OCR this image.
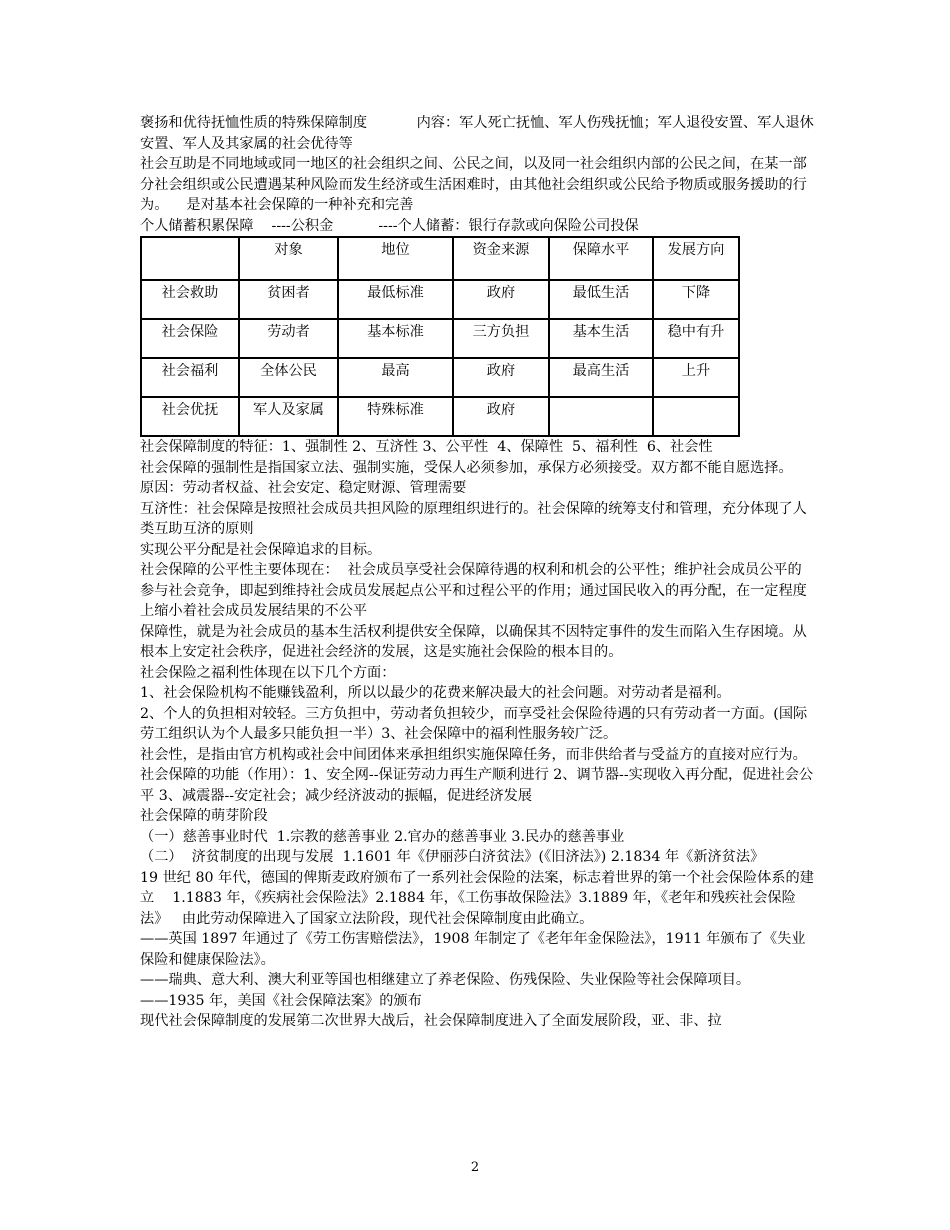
褒扬和优待抚恤性质的特殊保障制度           内容：军人死亡抚恤、军人伤残抚恤；军人退役安置、军人退休安置、军人及其家属的社会优待等

社会互助是不同地域或同一地区的社会组织之间、公民之间，以及同一社会组织内部的公民之间，在某一部分社会组织或公民遭遇某种风险而发生经济或生活困难时，由其他社会组织或公民给予物质或服务援助的行为。    是对基本社会保障的一种补充和完善

个人储蓄积累保障    ----公积金          ----个人储蓄：银行存款或向保险公司投保

	对象	地位	资金来源	保障水平	发展方向
社会救助	贫困者	最低标准	政府	最低生活	下降
社会保险	劳动者	基本标准	三方负担	基本生活	稳中有升
社会福利	全体公民	最高	政府	最高生活	上升
社会优抚	军人及家属	特殊标准	政府		

社会保障制度的特征：1、强制性 2、互济性 3、公平性  4、保障性  5、福利性  6、社会性

社会保障的强制性是指国家立法、强制实施，受保人必须参加，承保方必须接受。双方都不能自愿选择。  原因：劳动者权益、社会安定、稳定财源、管理需要

互济性：社会保障是按照社会成员共担风险的原理组织进行的。社会保障的统筹支付和管理，充分体现了人类互助互济的原则

实现公平分配是社会保障追求的目标。

社会保障的公平性主要体现在：  社会成员享受社会保障待遇的权利和机会的公平性；维护社会成员公平的参与社会竞争，即起到维持社会成员发展起点公平和过程公平的作用；通过国民收入的再分配，在一定程度上缩小着社会成员发展结果的不公平

保障性，就是为社会成员的基本生活权利提供安全保障，以确保其不因特定事件的发生而陷入生存困境。从根本上安定社会秩序，促进社会经济的发展，这是实施社会保险的根本目的。

社会保险之福利性体现在以下几个方面：

1、社会保险机构不能赚钱盈利，所以以最少的花费来解决最大的社会问题。对劳动者是福利。

2、个人的负担相对较轻。三方负担中，劳动者负担较少，而享受社会保险待遇的只有劳动者一方面。(国际劳工组织认为个人最多只能负担一半）3、社会保障中的福利性服务较广泛。

社会性，是指由官方机构或社会中间团体来承担组织实施保障任务，而非供给者与受益方的直接对应行为。

社会保障的功能（作用）：1、安全网--保证劳动力再生产顺利进行 2、调节器--实现收入再分配，促进社会公平 3、减震器--安定社会；减少经济波动的振幅，促进经济发展

社会保障的萌芽阶段

（一）慈善事业时代  1.宗教的慈善事业 2.官办的慈善事业 3.民办的慈善事业

（二）  济贫制度的出现与发展  1.1601 年《伊丽莎白济贫法》(《旧济法》) 2.1834 年《新济贫法》

19 世纪 80 年代，德国的俾斯麦政府颁布了一系列社会保险的法案，标志着世界的第一个社会保险体系的建立    1.1883 年，《疾病社会保险法》2.1884 年，《工伤事故保险法》3.1889 年，《老年和残疾社会保险法》   由此劳动保障进入了国家立法阶段，现代社会保障制度由此确立。

——英国 1897 年通过了《劳工伤害赔偿法》，1908 年制定了《老年年金保险法》，1911 年颁布了《失业保险和健康保险法》。

——瑞典、意大利、澳大利亚等国也相继建立了养老保险、伤残保险、失业保险等社会保障项目。

——1935 年，美国《社会保障法案》的颁布

现代社会保障制度的发展第二次世界大战后，社会保障制度进入了全面发展阶段，亚、非、拉

2
